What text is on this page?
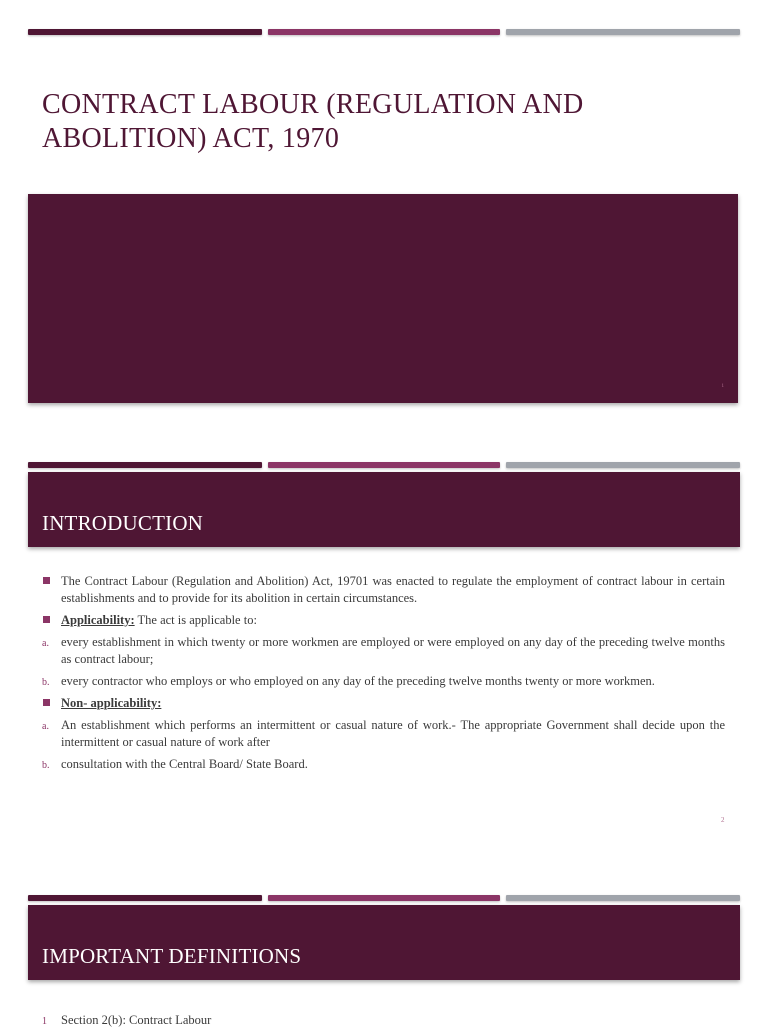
CONTRACT LABOUR (REGULATION AND ABOLITION) ACT, 1970
1
INTRODUCTION
The Contract Labour (Regulation and Abolition) Act, 19701 was enacted to regulate the employment of contract labour in certain establishments and to provide for its abolition in certain circumstances.
Applicability: The act is applicable to:
a. every establishment in which twenty or more workmen are employed or were employed on any day of the preceding twelve months as contract labour;
b. every contractor who employs or who employed on any day of the preceding twelve months twenty or more workmen.
Non- applicability:
a. An establishment which performs an intermittent or casual nature of work.- The appropriate Government shall decide upon the intermittent or casual nature of work after
b. consultation with the Central Board/ State Board.
2
IMPORTANT DEFINITIONS
1 Section 2(b): Contract Labour
